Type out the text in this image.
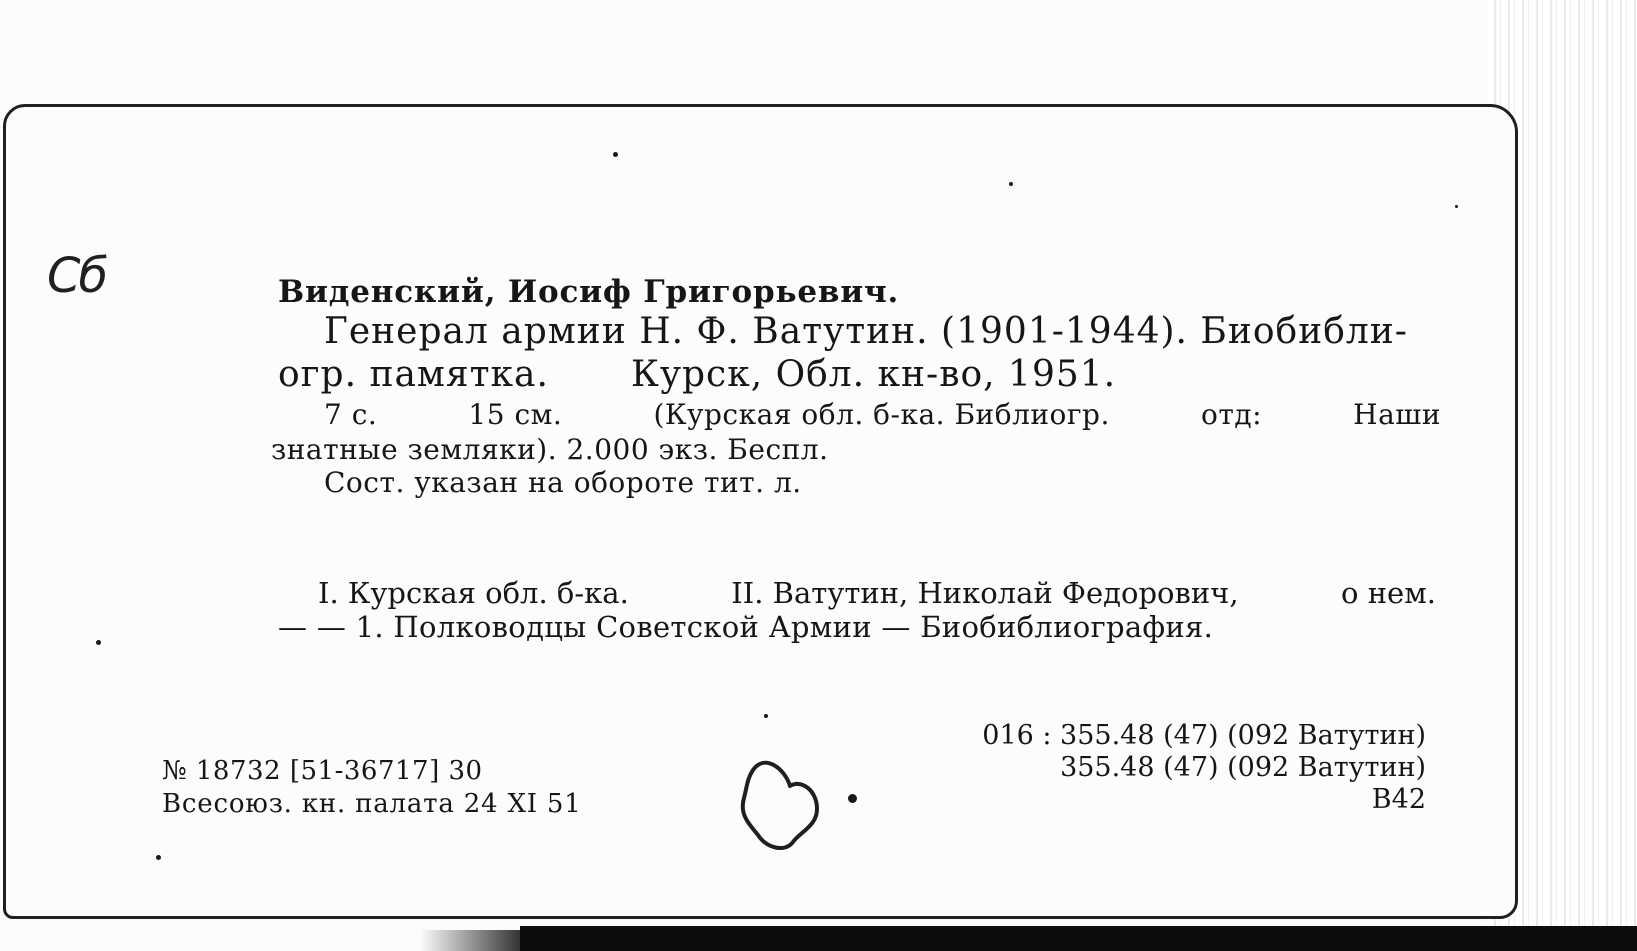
Сб	Виденский, Иосиф Григорьевич.
Генерал армии Н. Ф. Ватутин. (1901-1944). Биобибли-
огр. памятка. Курск, Обл. кн-во, 1951.
7 с.	15 см.	(Курская обл. б-ка. Библиогр.	отд:	Наши
знатные земляки). 2.000 экз. Беспл.
Сост. указан на обороте тит. л.
I. Курская обл. б-ка.	II. Ватутин, Николай Федорович,	о нем.
— — 1. Полководцы Советской Армии — Биобиблиография.
№ 18732 [51-36717] 30
Всесоюз. кн. палата 24 XI 51
016 : 355.48 (47) (092 Ватутин)
355.48 (47) (092 Ватутин)
В42
